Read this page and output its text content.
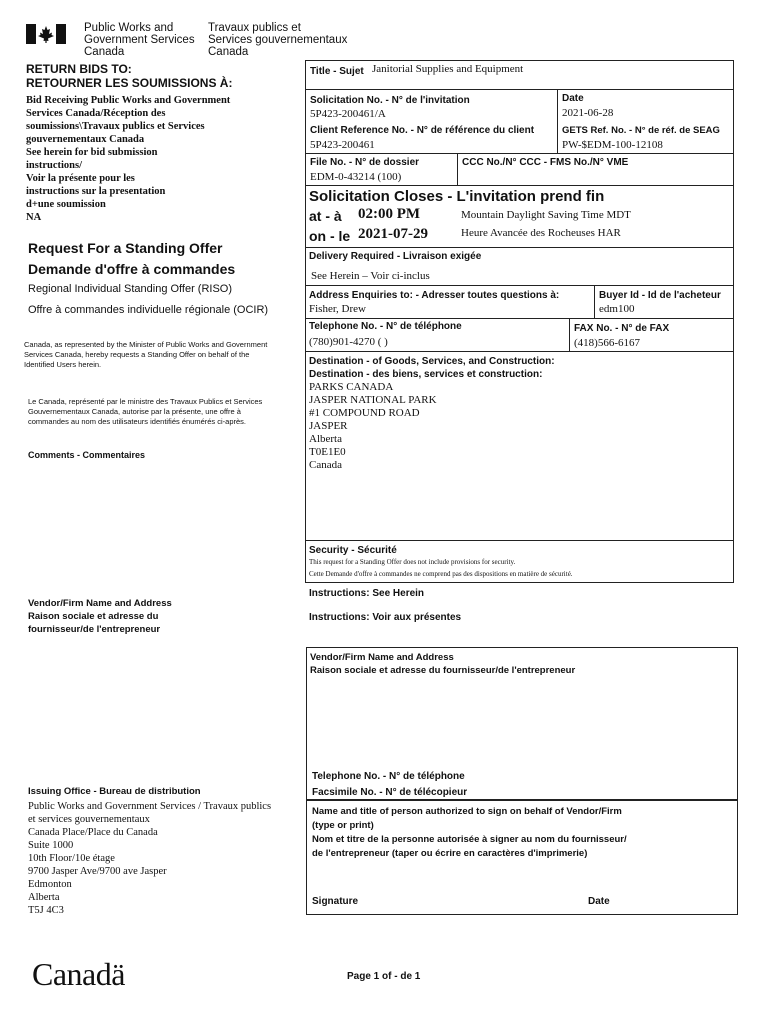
Public Works and
Government Services
Canada
Travaux publics et
Services gouvernementaux
Canada
RETURN BIDS TO:
RETOURNER LES SOUMISSIONS À:
Bid Receiving Public Works and Government
Services Canada/Réception des
soumissions\Travaux publics et Services
gouvernementaux Canada
See herein for bid submission
instructions/
Voir la présente pour les
instructions sur la presentation
d+une soumission
NA
Request For a Standing Offer
Demande d'offre à commandes
Regional Individual Standing Offer (RISO)
Offre à commandes individuelle régionale (OCIR)
Canada, as represented by the Minister of Public Works and Government Services Canada, hereby requests a Standing Offer on behalf of the Identified Users herein.
Le Canada, représenté par le ministre des Travaux Publics et Services Gouvernementaux Canada, autorise par la présente, une offre à commandes au nom des utilisateurs identifiés énumérés ci-après.
Comments - Commentaires
Vendor/Firm Name and Address
Raison sociale et adresse du
fournisseur/de l'entrepreneur
Issuing Office - Bureau de distribution
Public Works and Government Services / Travaux publics
et services gouvernementaux
Canada Place/Place du Canada
Suite 1000
10th Floor/10e étage
9700 Jasper Ave/9700 ave Jasper
Edmonton
Alberta
T5J 4C3
Title - Sujet Janitorial Supplies and Equipment
Solicitation No. - N° de l'invitation
5P423-200461/A
Date
2021-06-28
Client Reference No. - N° de référence du client
5P423-200461
GETS Ref. No. - N° de réf. de SEAG
PW-$EDM-100-12108
File No. - N° de dossier
EDM-0-43214 (100)
CCC No./N° CCC - FMS No./N° VME
Solicitation Closes - L'invitation prend fin
at - à 02:00 PM	Mountain Daylight Saving Time MDT
on - le 2021-07-29	Heure Avancée des Rocheuses HAR
Delivery Required - Livraison exigée
See Herein – Voir ci-inclus
Address Enquiries to: - Adresser toutes questions à:
Fisher, Drew
Buyer Id - Id de l'acheteur
edm100
Telephone No. - N° de téléphone
(780)901-4270 ( )
FAX No. - N° de FAX
(418)566-6167
Destination - of Goods, Services, and Construction:
Destination - des biens, services et construction:
PARKS CANADA
JASPER NATIONAL PARK
#1 COMPOUND ROAD
JASPER
Alberta
T0E1E0
Canada
Security - Sécurité
This request for a Standing Offer does not include provisions for security.
Cette Demande d'offre à commandes ne comprend pas des dispositions en matière de sécurité.
Instructions: See Herein
Instructions: Voir aux présentes
Vendor/Firm Name and Address
Raison sociale et adresse du fournisseur/de l'entrepreneur
Telephone No. - N° de téléphone
Facsimile No. - N° de télécopieur
Name and title of person authorized to sign on behalf of Vendor/Firm
(type or print)
Nom et titre de la personne autorisée à signer au nom du fournisseur/
de l'entrepreneur (taper ou écrire en caractères d'imprimerie)
Signature	Date
Canadä	Page 1 of - de 1
